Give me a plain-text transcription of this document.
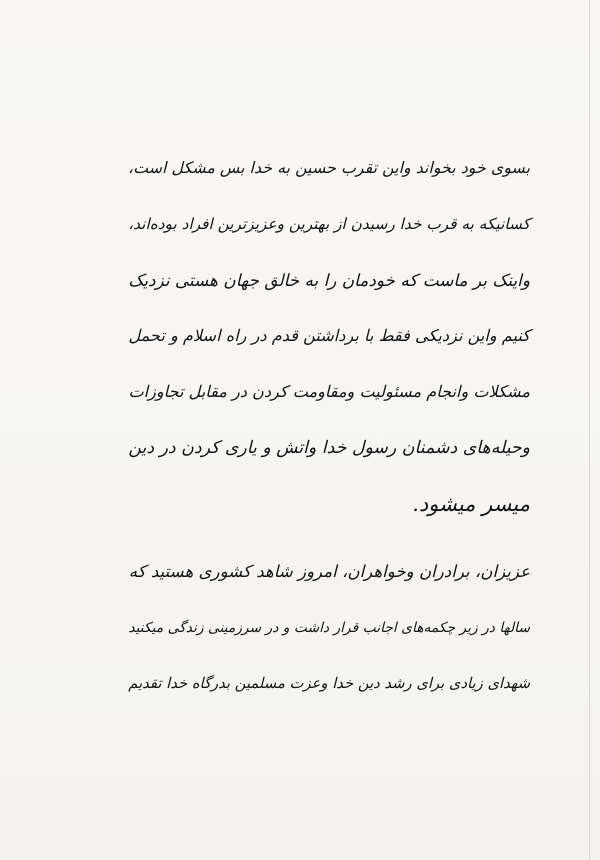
بسوی خود بخواند واین تقرب حسین به خدا بس مشکل است،
کسانیکه به قرب خدا رسیدن از بهترین وعزیزترین افراد بوده‌اند،
واینک بر ماست که خودمان را به خالق جهان هستی نزدیک
کنیم واین نزدیکی فقط با برداشتن قدم در راه اسلام و تحمل
مشکلات وانجام مسئولیت ومقاومت کردن در مقابل تجاوزات
وحیله‌های دشمنان رسول خدا واتش و یاری کردن در دین
میسر میشود.
عزیزان، برادران وخواهران، امروز شاهد کشوری هستید که
سالها در زیر چکمه‌های اجانب قرار داشت و در سرزمینی زندگی میکنید
شهدای زیادی برای رشد دین خدا وعزت مسلمین بدرگاه خدا تقدیم
